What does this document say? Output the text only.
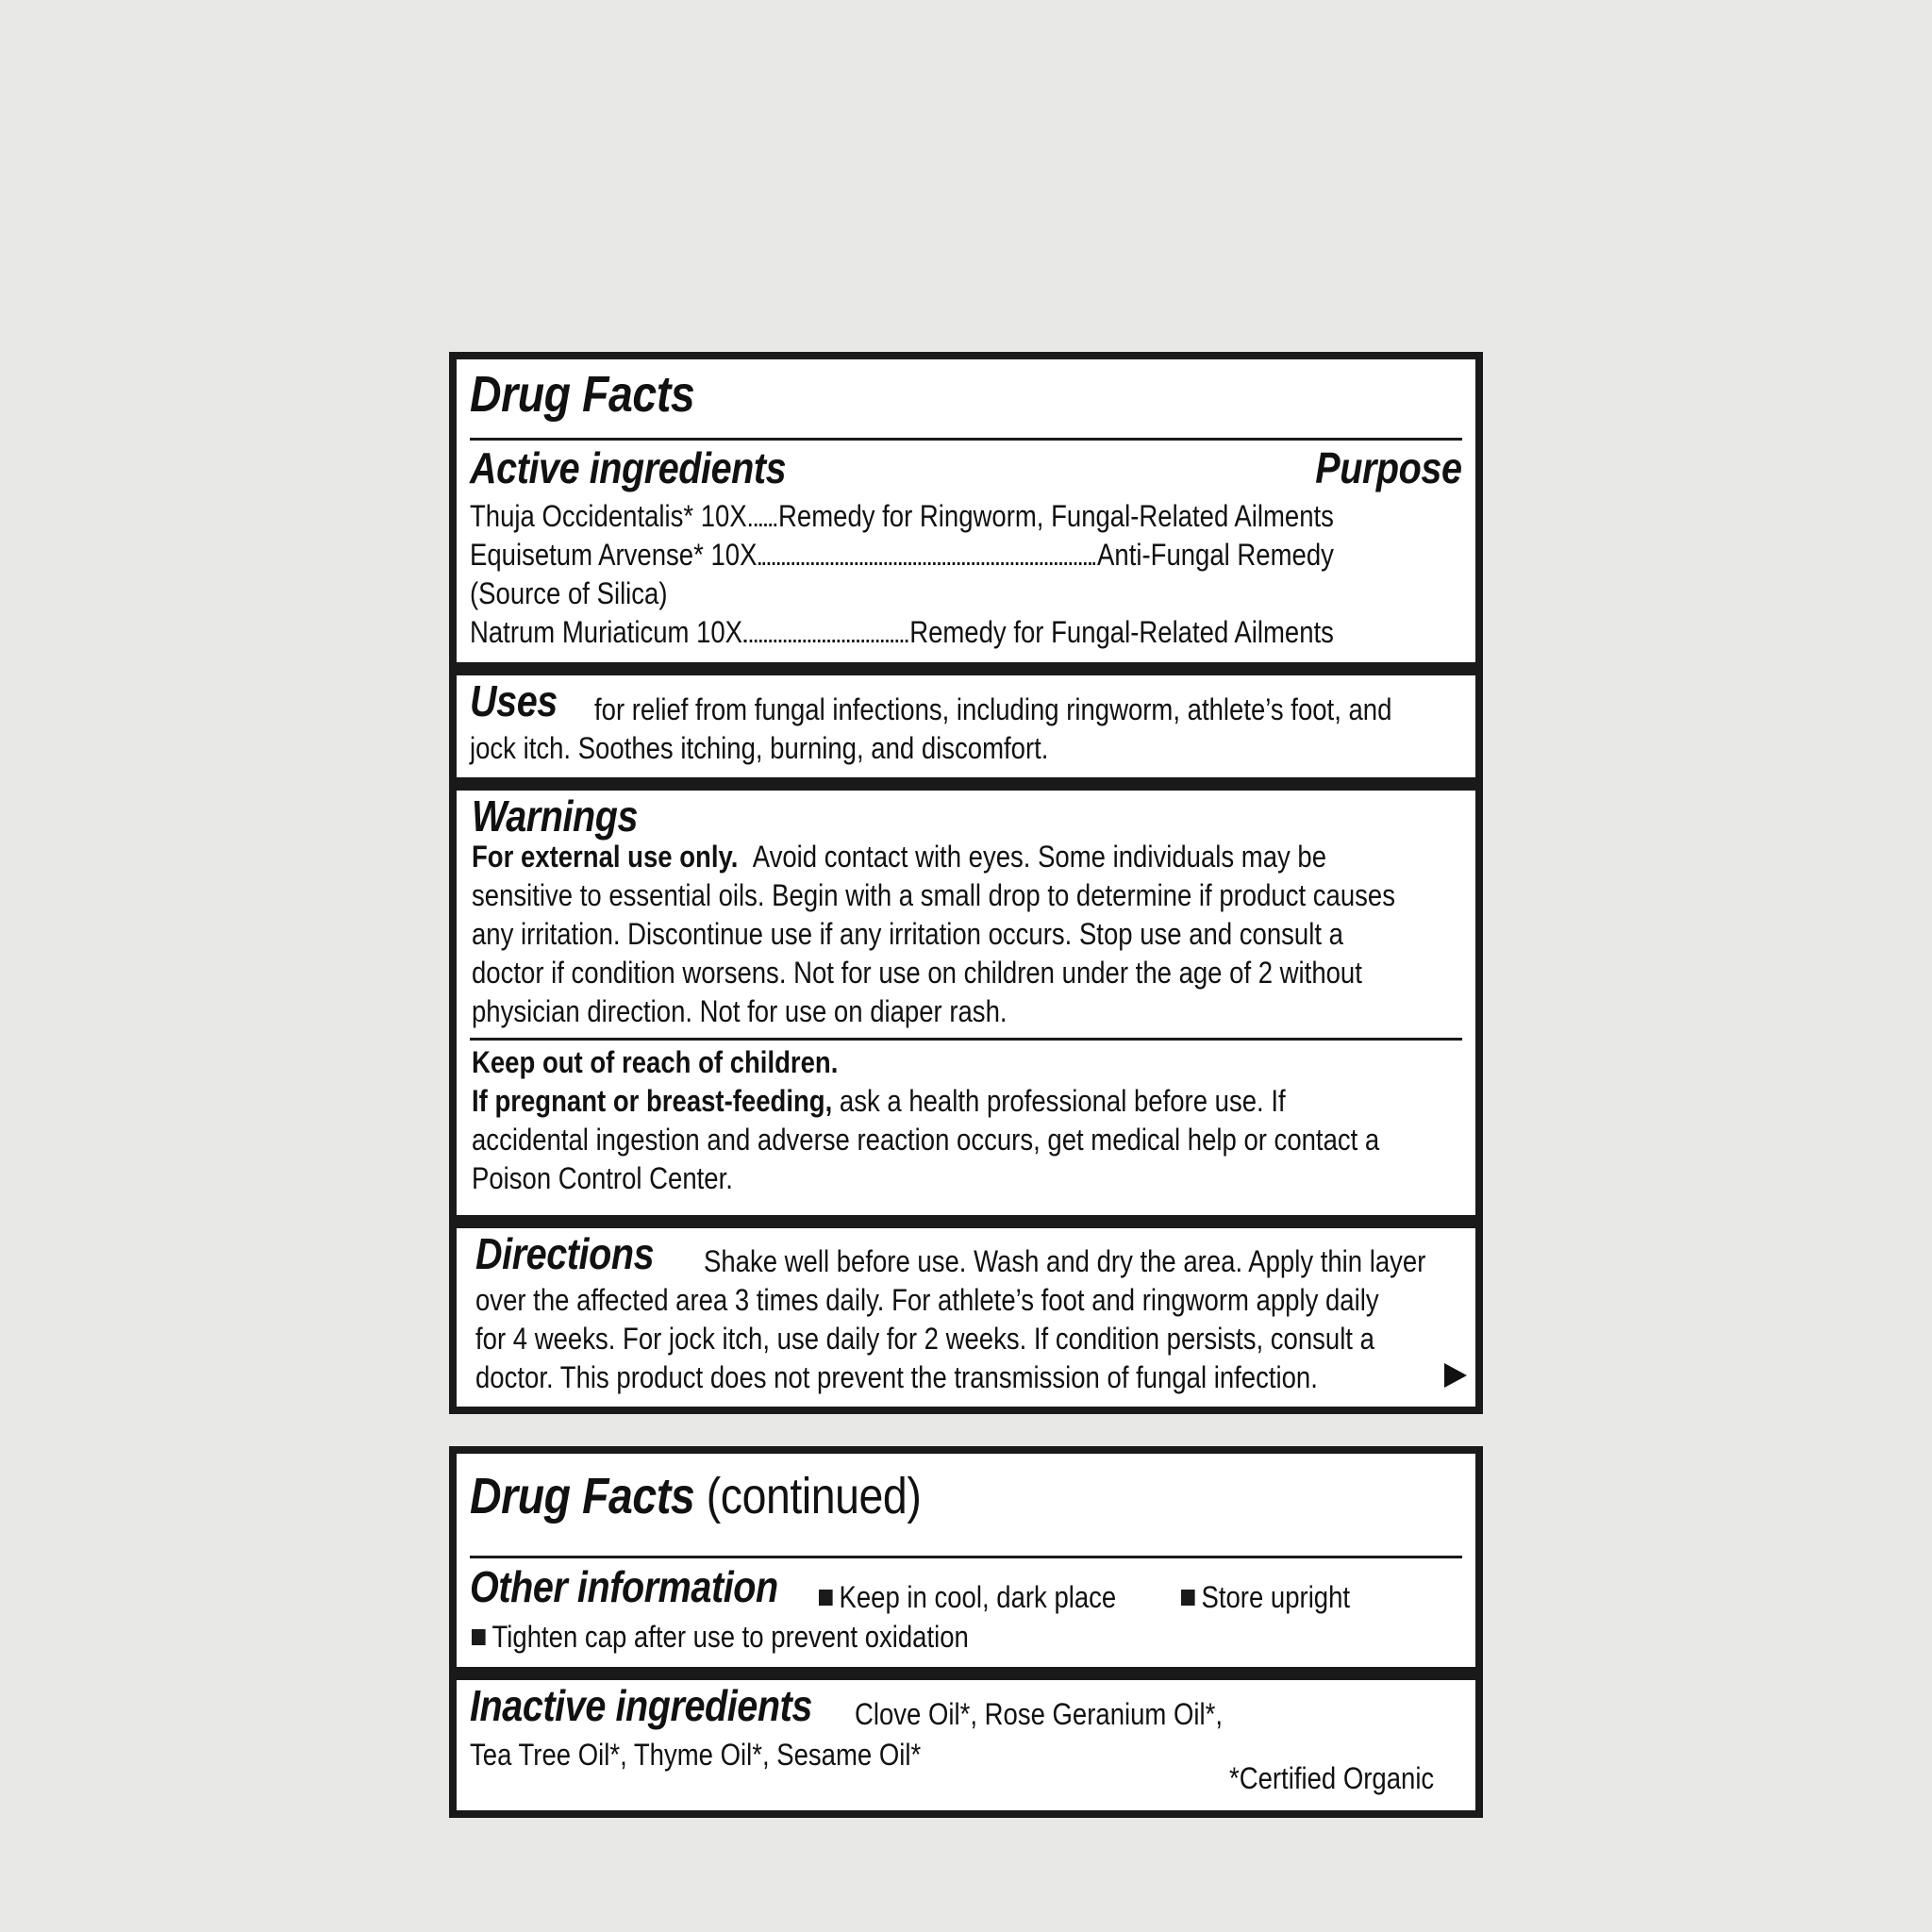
Drug Facts
Active ingredients	Purpose
Thuja Occidentalis* 10X Remedy for Ringworm, Fungal-Related Ailments
Equisetum Arvense* 10X	Anti-Fungal Remedy
(Source of Silica)
Natrum Muriaticum 10X	Remedy for Fungal-Related Ailments
Uses for relief from fungal infections, including ringworm, athlete’s foot, and
jock itch. Soothes itching, burning, and discomfort.
Warnings
For external use only. Avoid contact with eyes. Some individuals may be
sensitive to essential oils. Begin with a small drop to determine if product causes
any irritation. Discontinue use if any irritation occurs. Stop use and consult a
doctor if condition worsens. Not for use on children under the age of 2 without
physician direction. Not for use on diaper rash.
Keep out of reach of children.
If pregnant or breast-feeding, ask a health professional before use. If
accidental ingestion and adverse reaction occurs, get medical help or contact a
Poison Control Center.
Directions Shake well before use. Wash and dry the area. Apply thin layer
over the affected area 3 times daily. For athlete’s foot and ringworm apply daily
for 4 weeks. For jock itch, use daily for 2 weeks. If condition persists, consult a
doctor. This product does not prevent the transmission of fungal infection.
Drug Facts (continued)
Other information	Keep in cool, dark place	Store upright
Tighten cap after use to prevent oxidation
Inactive ingredients Clove Oil*, Rose Geranium Oil*,
Tea Tree Oil*, Thyme Oil*, Sesame Oil*
*Certified Organic
